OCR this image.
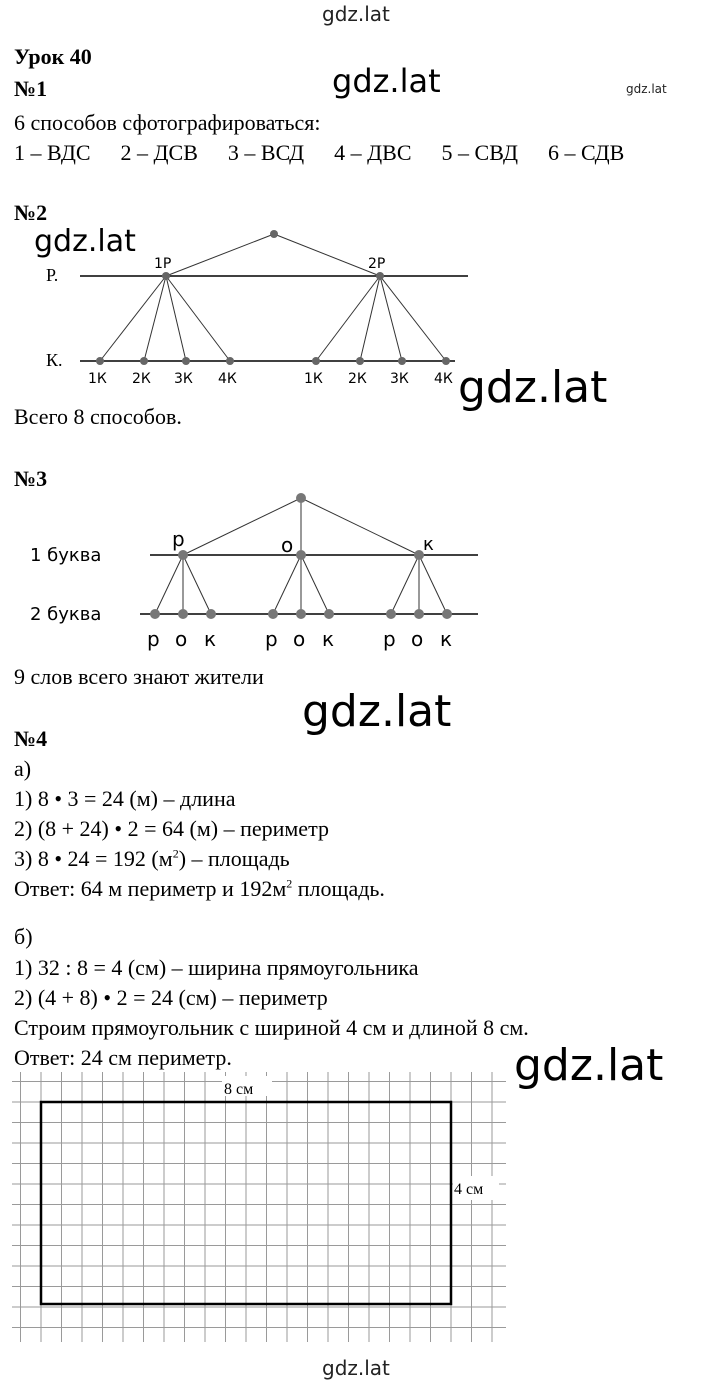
gdz.lat
gdz.lat	gdz.lat
gdz.lat
gdz.lat
gdz.lat
gdz.lat
gdz.lat
Урок 40
№1
6 способов сфотографироваться:
1 – ВДС 2 – ДСВ 3 – ВСД 4 – ДВС 5 – СВД 6 – СДВ
№2
Р.
К.
1Р	2Р
1К 2К 3К 4К	1К 2К 3К 4К
Всего 8 способов.
№3
1 буква
2 буква
р	о	к
р о к р о к р о к
9 слов всего знают жители
№4
а)
1) 8 • 3 = 24 (м) – длина
2) (8 + 24) • 2 = 64 (м) – периметр
3) 8 • 24 = 192 $(м^2)$ – площадь
Ответ: 64 м периметр и $192м^2$ площадь.
б)
1) 32 : 8 = 4 (см) – ширина прямоугольника
2) (4 + 8) • 2 = 24 (см) – периметр
Строим прямоугольник с шириной 4 см и длиной 8 см.
Ответ: 24 см периметр.
8 см
4 см
